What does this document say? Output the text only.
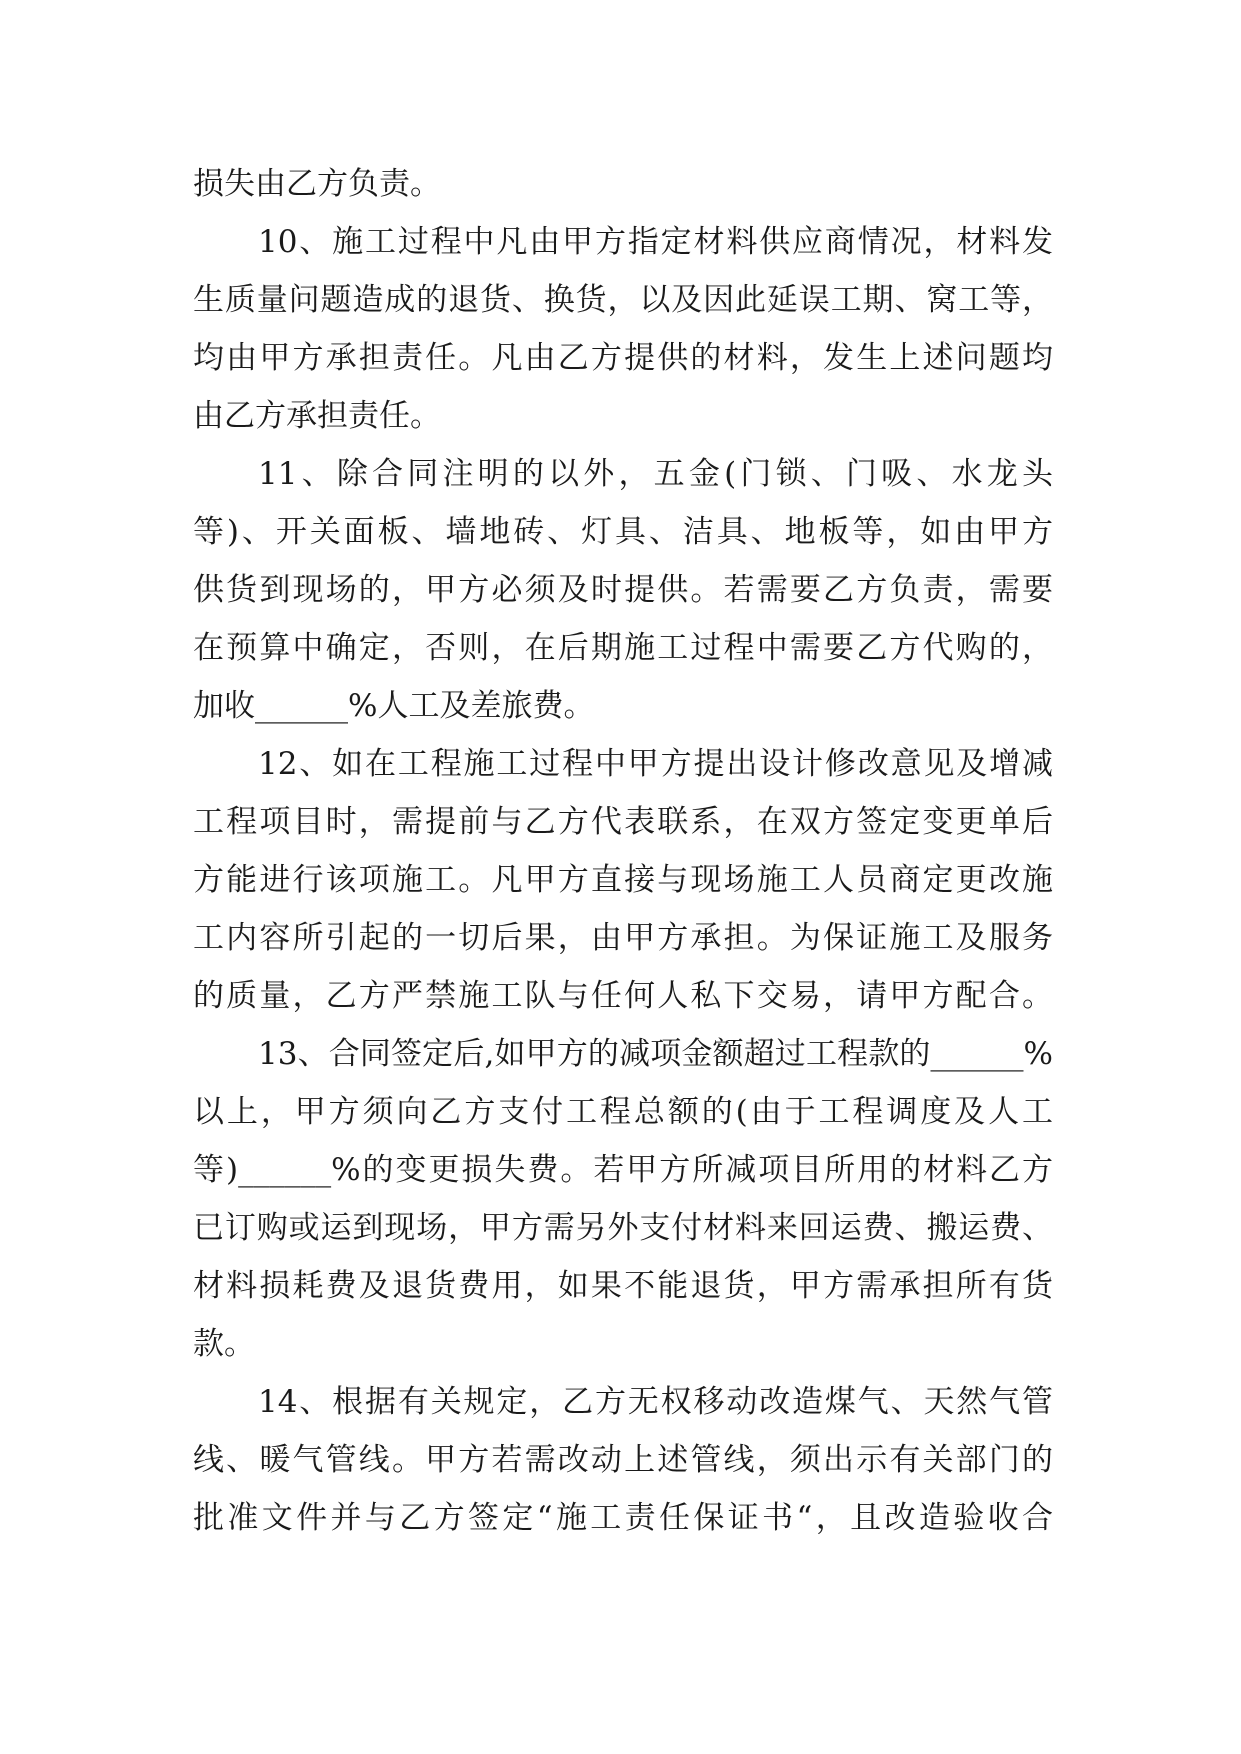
损失由乙方负责。
10、施工过程中凡由甲方指定材料供应商情况，材料发
生质量问题造成的退货、换货，以及因此延误工期、窝工等，
均由甲方承担责任。凡由乙方提供的材料，发生上述问题均
由乙方承担责任。
11、除合同注明的以外，五金(门锁、门吸、水龙头
等)、开关面板、墙地砖、灯具、洁具、地板等，如由甲方
供货到现场的，甲方必须及时提供。若需要乙方负责，需要
在预算中确定，否则，在后期施工过程中需要乙方代购的，
加收______%人工及差旅费。
12、如在工程施工过程中甲方提出设计修改意见及增减
工程项目时，需提前与乙方代表联系，在双方签定变更单后
方能进行该项施工。凡甲方直接与现场施工人员商定更改施
工内容所引起的一切后果，由甲方承担。为保证施工及服务
的质量，乙方严禁施工队与任何人私下交易，请甲方配合。
13、合同签定后,如甲方的减项金额超过工程款的______%
以上，甲方须向乙方支付工程总额的(由于工程调度及人工
等)______%的变更损失费。若甲方所减项目所用的材料乙方
已订购或运到现场，甲方需另外支付材料来回运费、搬运费、
材料损耗费及退货费用，如果不能退货，甲方需承担所有货
款。
14、根据有关规定，乙方无权移动改造煤气、天然气管
线、暖气管线。甲方若需改动上述管线，须出示有关部门的
批准文件并与乙方签定“施工责任保证书“，且改造验收合
